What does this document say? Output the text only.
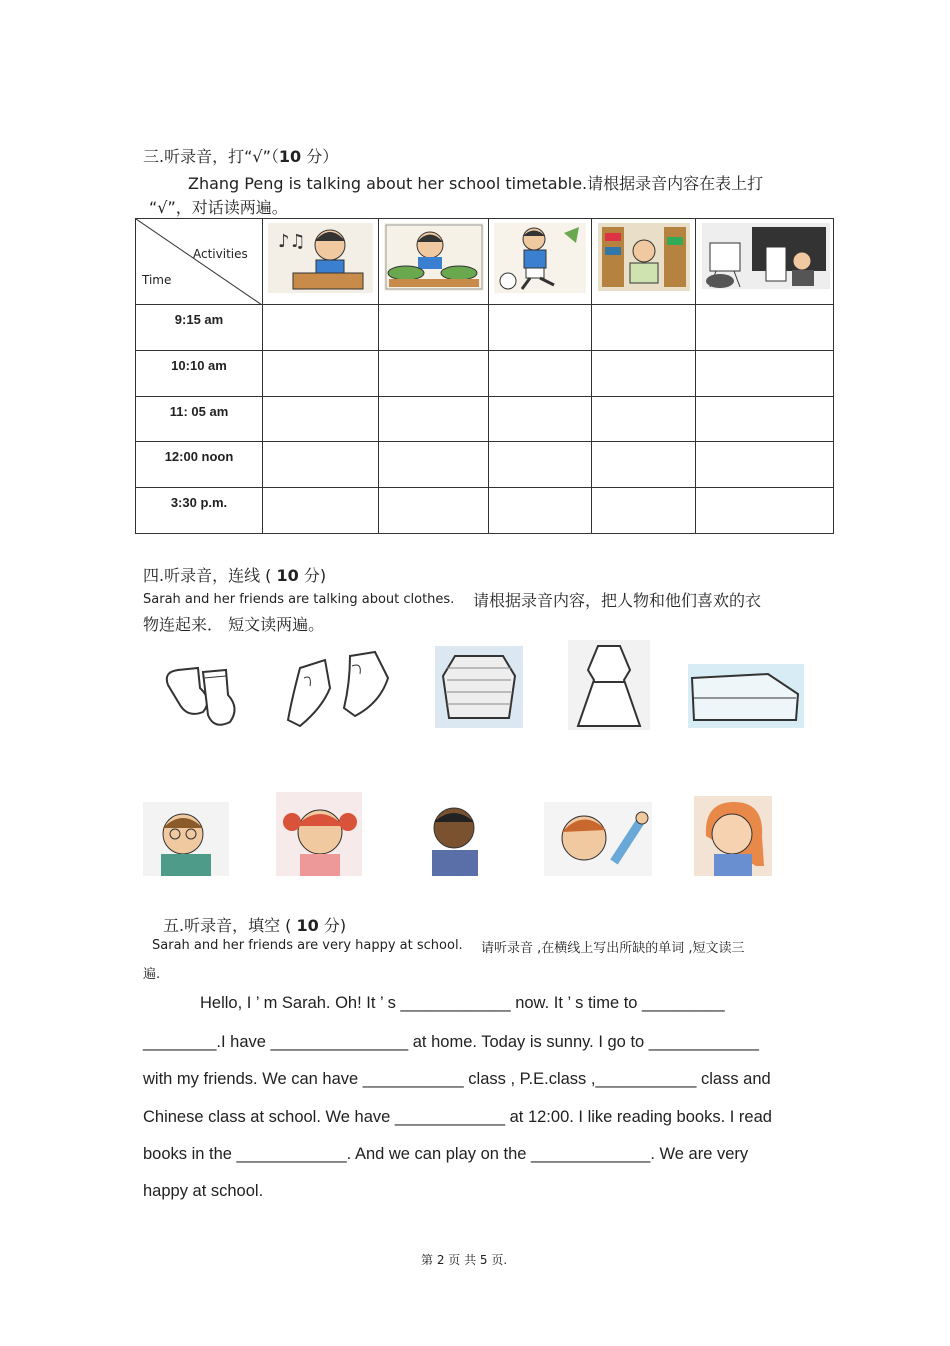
三.听录音，打“√”（10 分）
Zhang Peng is talking about her school timetable.请根据录音内容在表上打
“√”，对话读两遍。
Activities
Time	♪♫

9:15 am					
10:10 am					
11: 05 am					
12:00 noon					
3:30 p.m.					
四.听录音，连线 ( 10 分)
Sarah and her friends are talking about clothes. 请根据录音内容，把人物和他们喜欢的衣
物连起来． 短文读两遍。
五.听录音，填空 ( 10 分)
Sarah and her friends are very happy at school. 请听录音 ,在横线上写出所缺的单词 ,短文读三
遍.
Hello, I ’ m Sarah. Oh! It ’ s ____________ now. It ’ s time to _________
________.I have _______________ at home. Today is sunny. I go to ____________
with my friends. We can have ___________ class , P.E.class ,___________ class and
Chinese class at school. We have ____________ at 12:00. I like reading books. I read
books in the ____________. And we can play on the _____________. We are very
happy at school.
第 2 页 共 5 页.
